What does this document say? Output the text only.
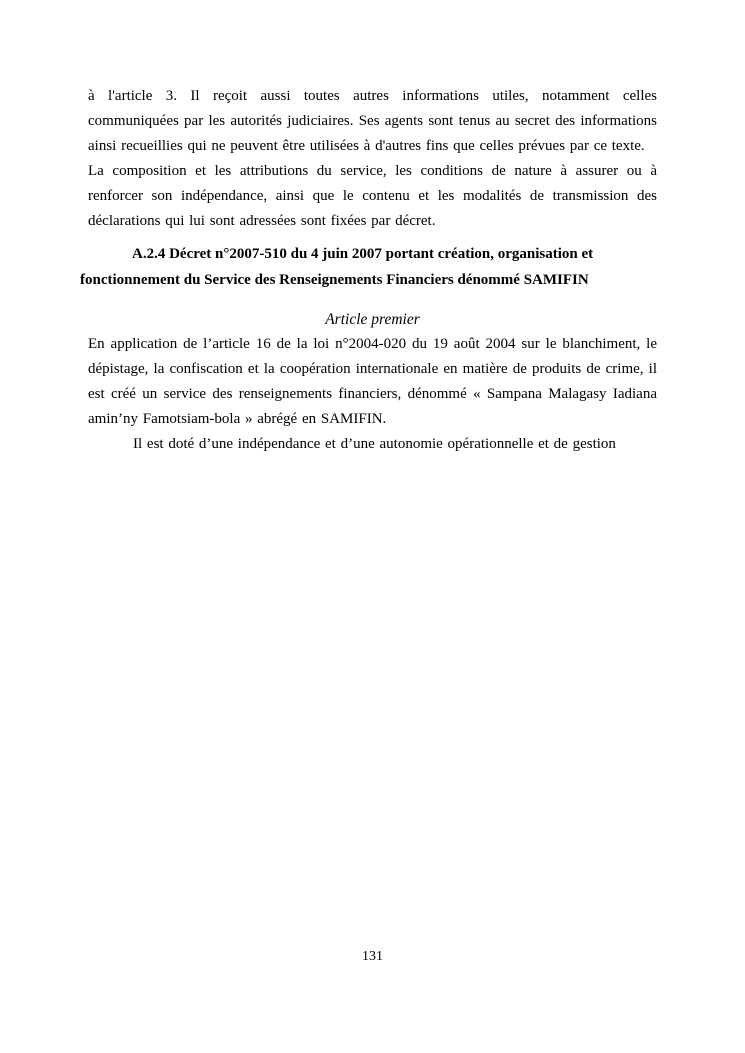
à l'article 3. Il reçoit aussi toutes autres informations utiles, notamment celles communiquées par les autorités judiciaires. Ses agents sont tenus au secret des informations ainsi recueillies qui ne peuvent être utilisées à d'autres fins que celles prévues par ce texte.

La composition et les attributions du service, les conditions de nature à assurer ou à renforcer son indépendance, ainsi que le contenu et les modalités de transmission des déclarations qui lui sont adressées sont fixées par décret.

A.2.4 Décret n°2007-510 du 4 juin 2007 portant création, organisation et fonctionnement du Service des Renseignements Financiers dénommé SAMIFIN
Article premier

En application de l’article 16 de la loi n°2004-020 du 19 août 2004 sur le blanchiment, le dépistage, la confiscation et la coopération internationale en matière de produits de crime, il est créé un service des renseignements financiers, dénommé « Sampana Malagasy Iadiana amin’ny Famotsiam-bola » abrégé en SAMIFIN.

Il est doté d’une indépendance et d’une autonomie opérationnelle et de gestion

131
